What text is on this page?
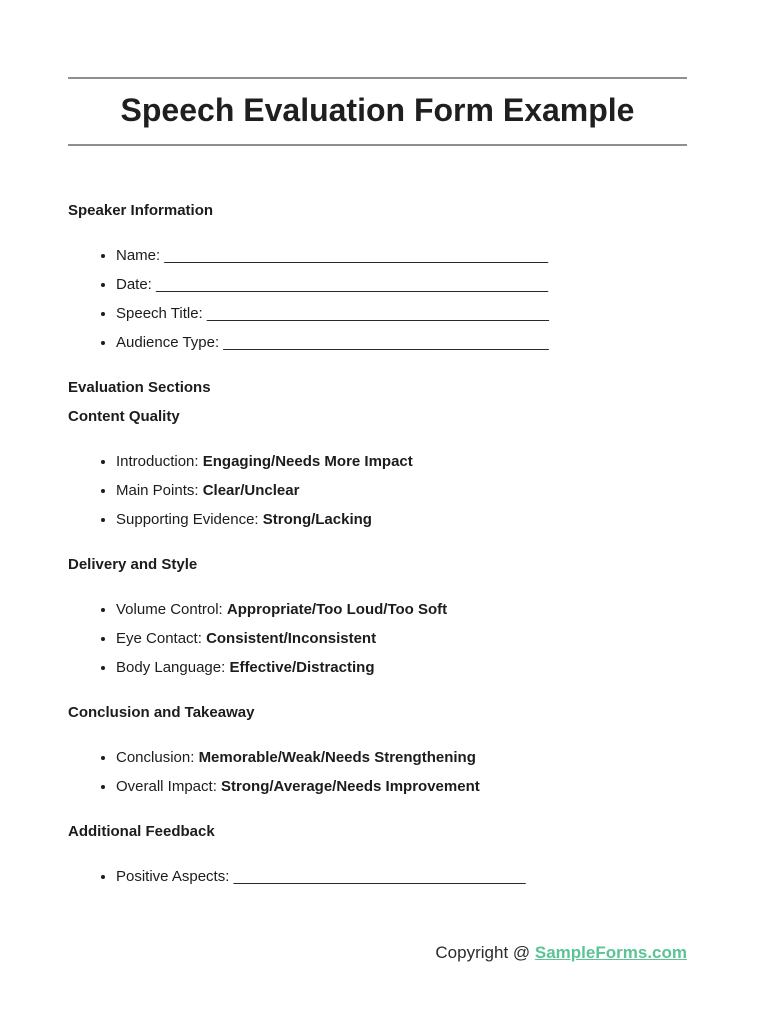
Speech Evaluation Form Example

Speaker Information

• Name: ______________________________________________
• Date: _______________________________________________
• Speech Title: _________________________________________
• Audience Type: _______________________________________

Evaluation Sections

Content Quality

• Introduction: Engaging/Needs More Impact
• Main Points: Clear/Unclear
• Supporting Evidence: Strong/Lacking

Delivery and Style

• Volume Control: Appropriate/Too Loud/Too Soft
• Eye Contact: Consistent/Inconsistent
• Body Language: Effective/Distracting

Conclusion and Takeaway

• Conclusion: Memorable/Weak/Needs Strengthening
• Overall Impact: Strong/Average/Needs Improvement

Additional Feedback

• Positive Aspects: ___________________________________
Copyright @ SampleForms.com
